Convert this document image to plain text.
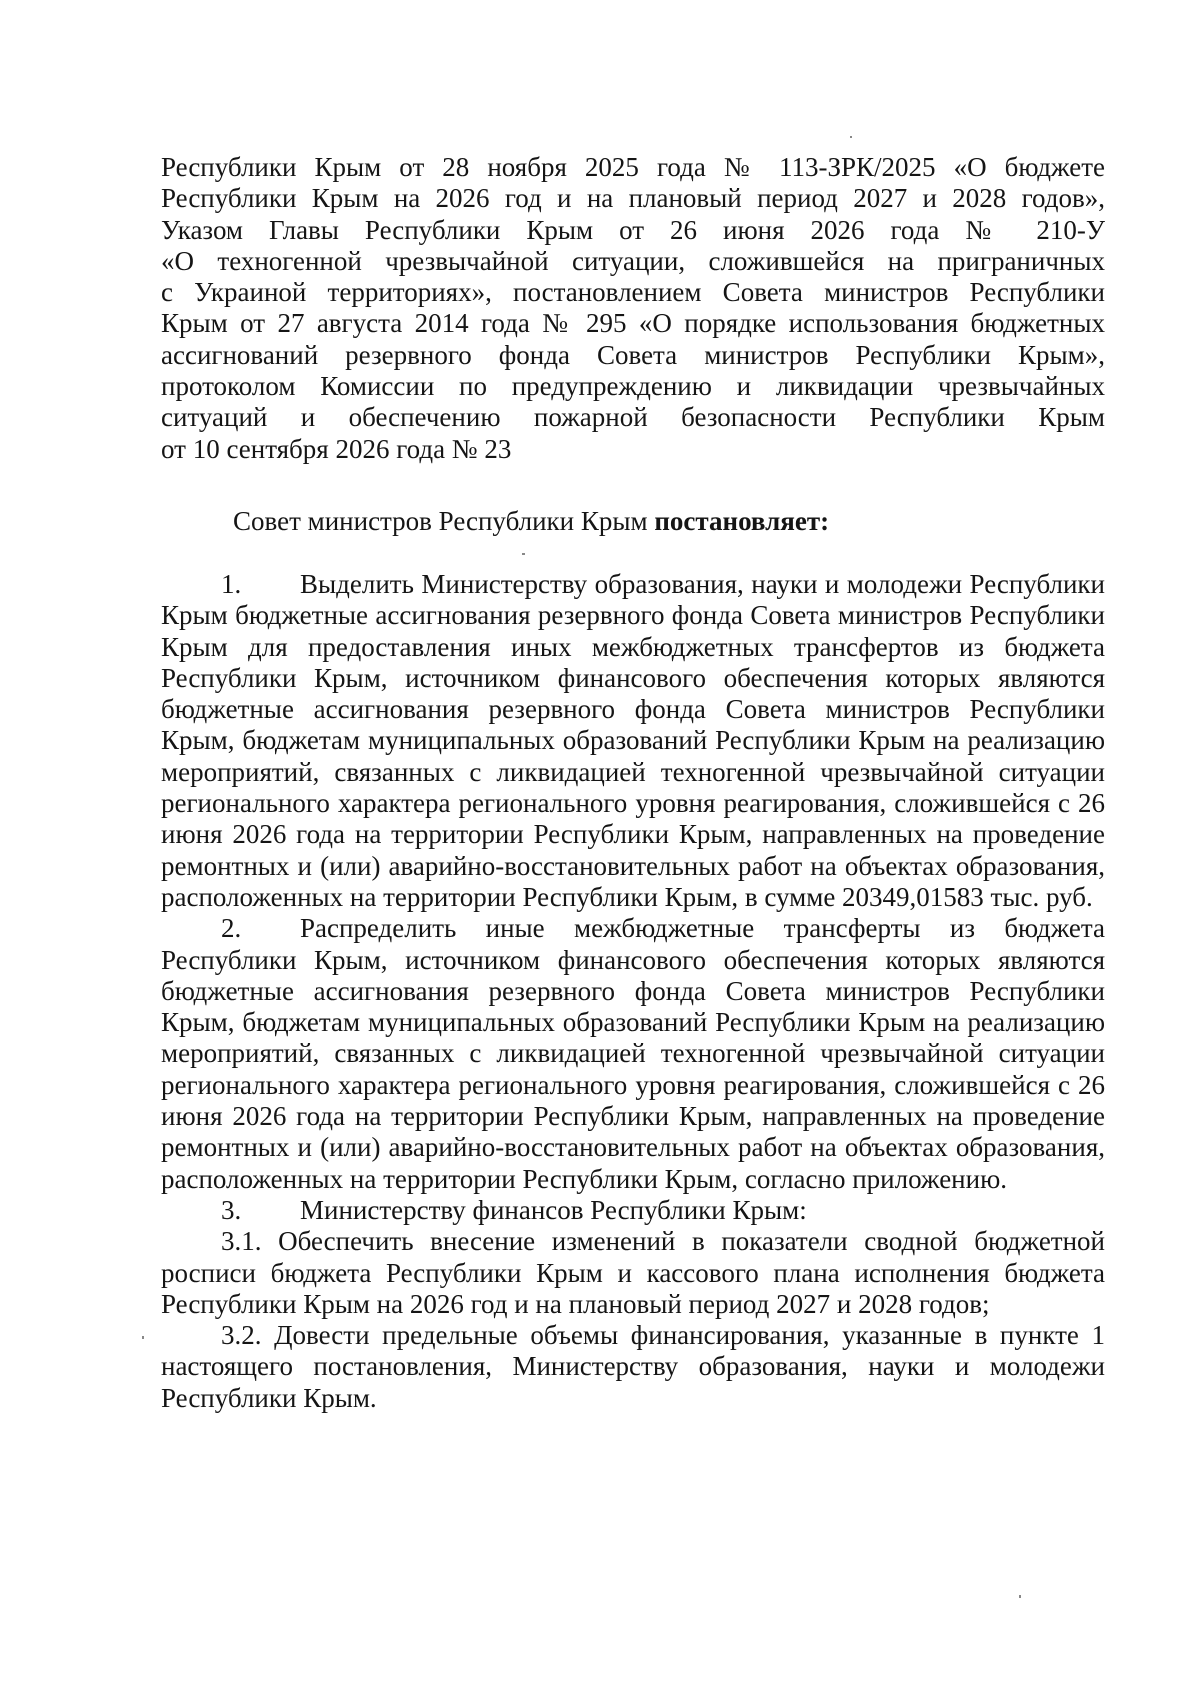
Республики Крым от 28 ноября 2025 года № 113-ЗРК/2025 «О бюджете
Республики Крым на 2026 год и на плановый период 2027 и 2028 годов»,
Указом Главы Республики Крым от 26 июня 2026 года № 210-У
«О техногенной чрезвычайной ситуации, сложившейся на приграничных
с Украиной территориях», постановлением Совета министров Республики
Крым от 27 августа 2014 года № 295 «О порядке использования бюджетных
ассигнований резервного фонда Совета министров Республики Крым»,
протоколом Комиссии по предупреждению и ликвидации чрезвычайных
ситуаций и обеспечению пожарной безопасности Республики Крым
от 10 сентября 2026 года № 23
Совет министров Республики Крым постановляет:

1. Выделить Министерству образования, науки и молодежи Республики Крым бюджетные ассигнования резервного фонда Совета министров Республики Крым для предоставления иных межбюджетных трансфертов из бюджета Республики Крым, источником финансового обеспечения которых являются бюджетные ассигнования резервного фонда Совета министров Республики Крым, бюджетам муниципальных образований Республики Крым на реализацию мероприятий, связанных с ликвидацией техногенной чрезвычайной ситуации регионального характера регионального уровня реагирования, сложившейся с 26 июня 2026 года на территории Республики Крым, направленных на проведение ремонтных и (или) аварийно-восстановительных работ на объектах образования, расположенных на территории Республики Крым, в сумме 20349,01583 тыс. руб.

2. Распределить иные межбюджетные трансферты из бюджета Республики Крым, источником финансового обеспечения которых являются бюджетные ассигнования резервного фонда Совета министров Республики Крым, бюджетам муниципальных образований Республики Крым на реализацию мероприятий, связанных с ликвидацией техногенной чрезвычайной ситуации регионального характера регионального уровня реагирования, сложившейся с 26 июня 2026 года на территории Республики Крым, направленных на проведение ремонтных и (или) аварийно-восстановительных работ на объектах образования, расположенных на территории Республики Крым, согласно приложению.

3. Министерству финансов Республики Крым:

3.1. Обеспечить внесение изменений в показатели сводной бюджетной росписи бюджета Республики Крым и кассового плана исполнения бюджета Республики Крым на 2026 год и на плановый период 2027 и 2028 годов;

3.2. Довести предельные объемы финансирования, указанные в пункте 1 настоящего постановления, Министерству образования, науки и молодежи Республики Крым.
